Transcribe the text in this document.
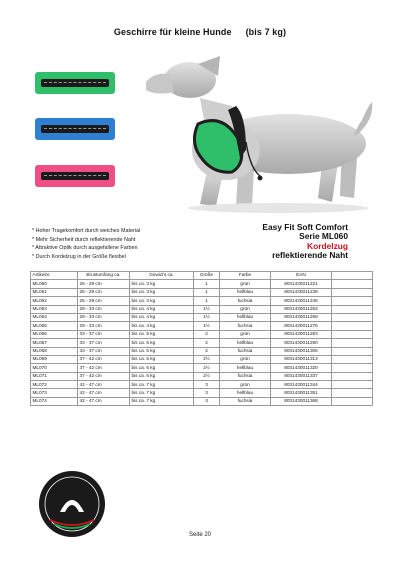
Geschirre für kleine Hunde (bis 7 kg)
* Hoher Tragekomfort durch weiches Material
* Mehr Sicherheit durch reflektierende Naht
* Attraktive Optik durch ausgefallene Farben
* Durch Kordelzug in der Größe flexibel
Easy Fit Soft Comfort
Serie ML060
Kordelzug
reflektierende Naht
Artikelnr.	Brustumfang ca.	Gewicht ca.	Größe	Farbe	EAN	
ML060	25 - 29 cm	bis ca. 3 kg	1	grün	8031430011221	
ML061	25 - 29 cm	bis ca. 3 kg	1	hellblau	8031430011238	
ML062	25 - 29 cm	bis ca. 3 kg	1	fuchsia	8031430011245	
ML063	29 - 33 cm	bis ca. 4 kg	1½	grün	8031430011252	
ML064	29 - 33 cm	bis ca. 4 kg	1½	hellblau	8031430011269	
ML065	29 - 33 cm	bis ca. 4 kg	1½	fuchsia	8031430011276	
ML066	33 - 37 cm	bis ca. 5 kg	2	grün	8031430011283	
ML067	33 - 37 cm	bis ca. 5 kg	2	hellblau	8031430011290	
ML068	33 - 37 cm	bis ca. 5 kg	2	fuchsia	8031430011306	
ML069	37 - 42 cm	bis ca. 6 kg	2½	grün	8031430011313	
ML070	37 - 42 cm	bis ca. 6 kg	2½	hellblau	8031430011320	
ML071	37 - 42 cm	bis ca. 6 kg	2½	fuchsia	8031430011337	
ML072	42 - 47 cm	bis ca. 7 kg	3	grün	8031430011344	
ML073	42 - 47 cm	bis ca. 7 kg	3	hellblau	8031430011351	
ML074	42 - 47 cm	bis ca. 7 kg	3	fuchsia	8031430011368	
Seite 20
